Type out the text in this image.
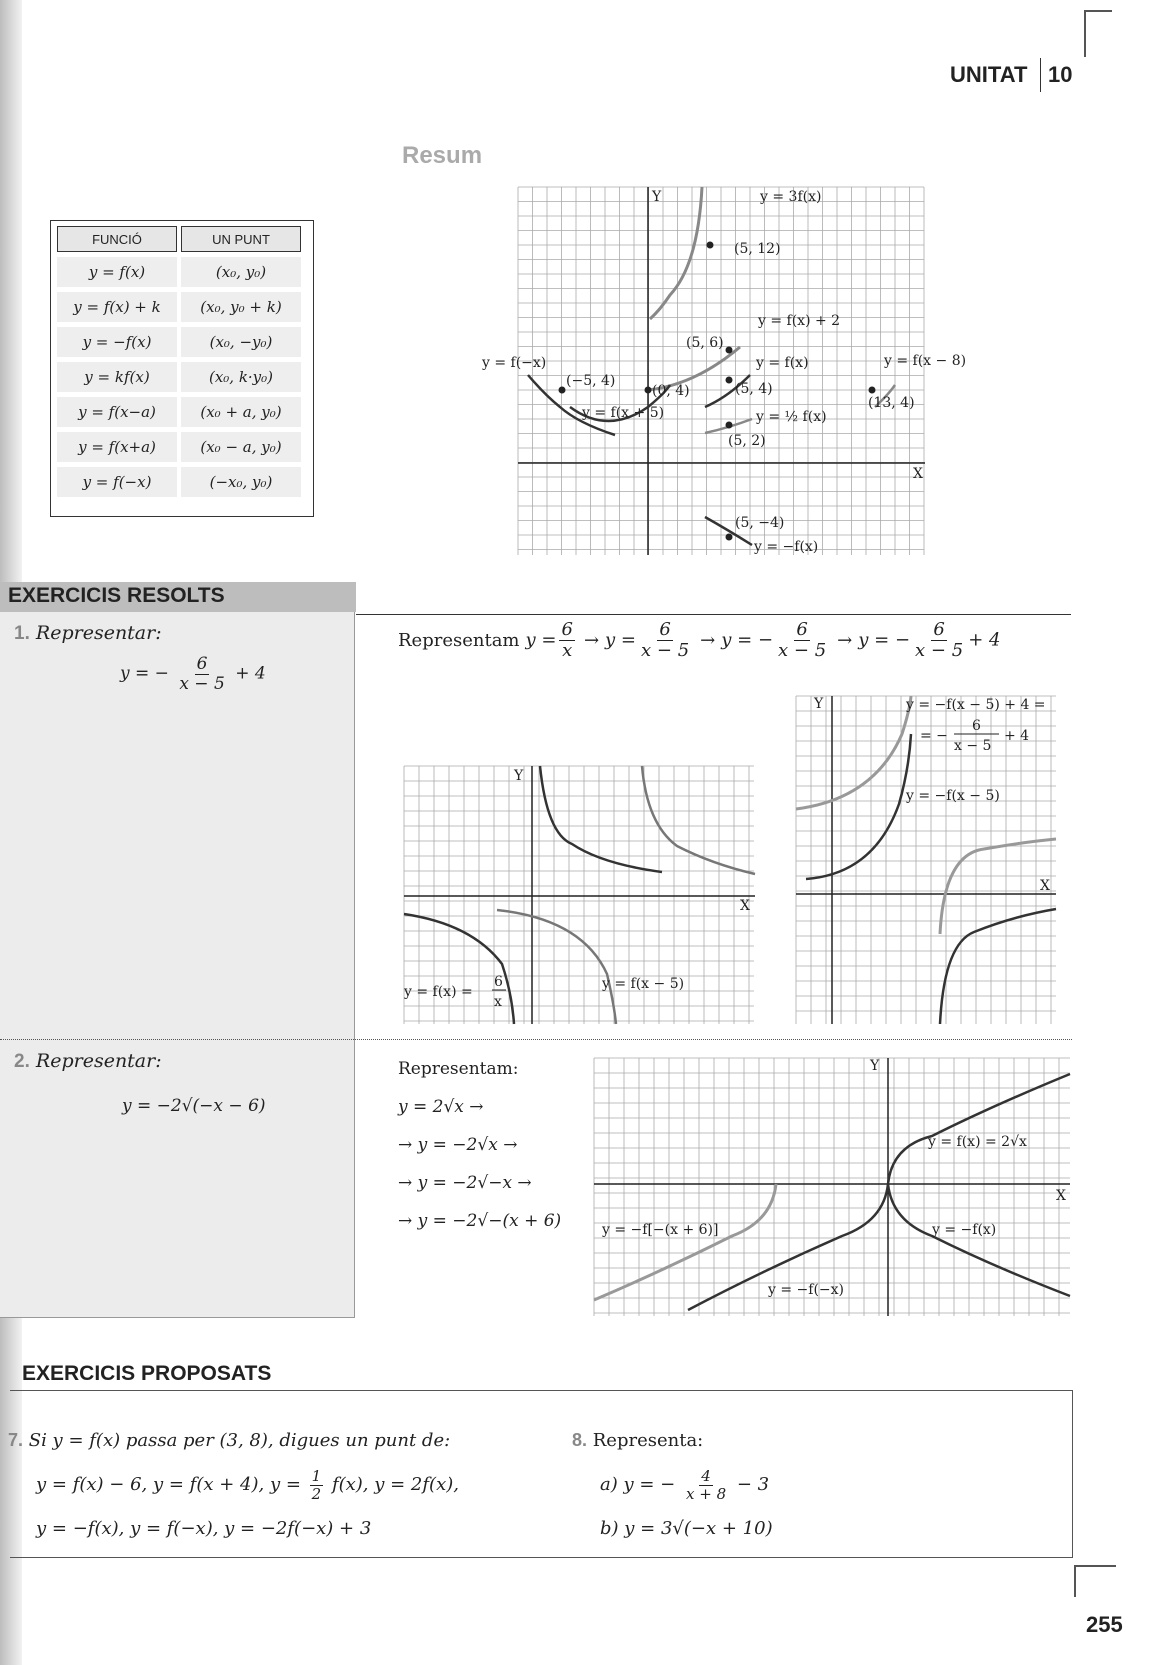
UNITAT 10
Resum
FUNCIÓ	UN PUNT
y = f(x)	(x₀, y₀)
y = f(x) + k	(x₀, y₀ + k)
y = −f(x)	(x₀, −y₀)
y = kf(x)	(x₀, k·y₀)
y = f(x−a)	(x₀ + a, y₀)
y = f(x+a)	(x₀ − a, y₀)
y = f(−x)	(−x₀, y₀)
Y
X
y = 3f(x)
(5, 12)
y = f(x) + 2
(5, 6)
y = f(−x)	y = f(x)	y = f(x − 8)
(−5, 4)
(0, 4)	(5, 4)
(13, 4)
y = f(x + 5)	y = ½ f(x)
(5, 2)
(5, −4)
y = −f(x)
EXERCICIS RESOLTS
1. Representar:
y = − $\frac{6}{x - 5} + 4$
Representam $y = \frac{6}{x} \to y = \frac{6}{x - 5} \to y$ = − $\frac{6}{x - 5} \to y$ = − $\frac{6}{x - 5} + 4$
Y
X
y = f(x) =
6
x
y = f(x − 5)
Y
X
y = −f(x − 5) + 4 =
= −
6
x − 5
+ 4
y = −f(x − 5)
2. Representar:
y = −2√(−x − 6)
Representam:
y = 2√x →
→ y = −2√x →
→ y = −2√−x →
→ y = −2√−(x + 6)
Y
X
y = f(x) = 2√x
y = −f(x)
y = −f(−x)
y = −f[−(x + 6)]
EXERCICIS PROPOSATS
7. Si y = f(x) passa per (3, 8), digues un punt de:
y = f(x) − 6, y = f(x + 4), $y = \frac{1}{2} f(x)$, y = 2f(x),
y = −f(x), y = f(−x), y = −2f(−x) + 3
8. Representa:
a) y = − $\frac{4}{x + 8} - 3$
b) y = 3√(−x + 10)
255
